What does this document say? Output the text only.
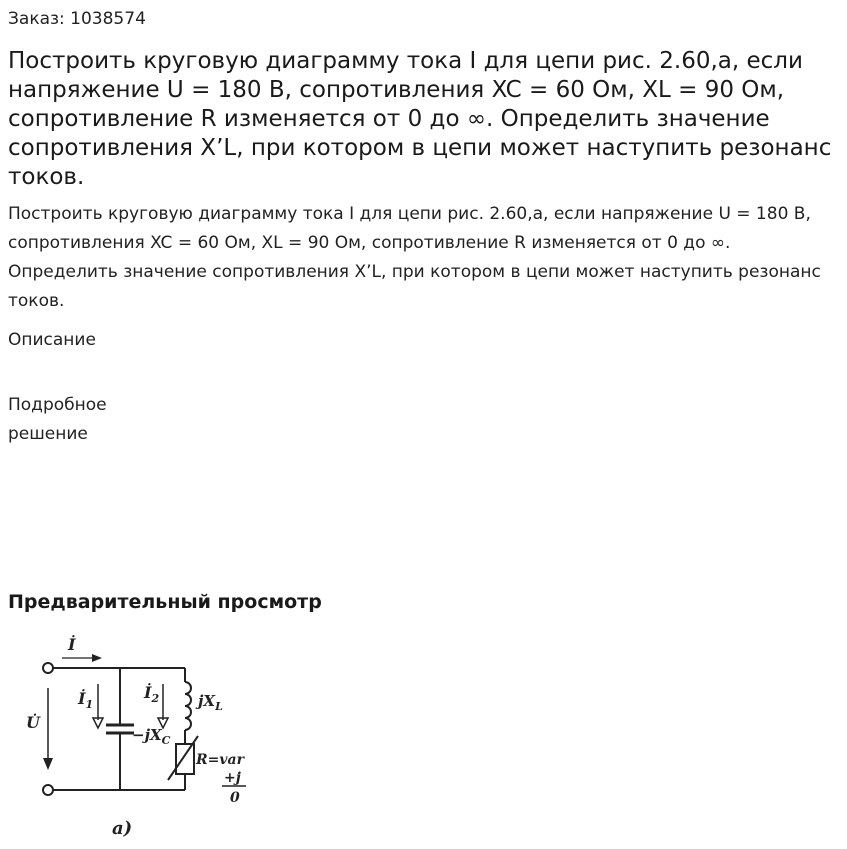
Заказ: 1038574
Построить круговую диаграмму тока I для цепи рис. 2.60,а, если напряжение U = 180 В, сопротивления XC = 60 Ом, XL = 90 Ом, сопротивление R изменяется от 0 до ∞. Определить значение сопротивления X’L, при котором в цепи может наступить резонанс токов.

Построить круговую диаграмму тока I для цепи рис. 2.60,а, если напряжение U = 180 В, сопротивления XC = 60 Ом, XL = 90 Ом, сопротивление R изменяется от 0 до ∞. Определить значение сопротивления X’L, при котором в цепи может наступить резонанс токов.

Описание
Подробное решение
Предварительный просмотр
İ
U̇
$İ_1$
$İ_2$	$jX_L$
$-jX_C$
R=var
+j
0
а)
